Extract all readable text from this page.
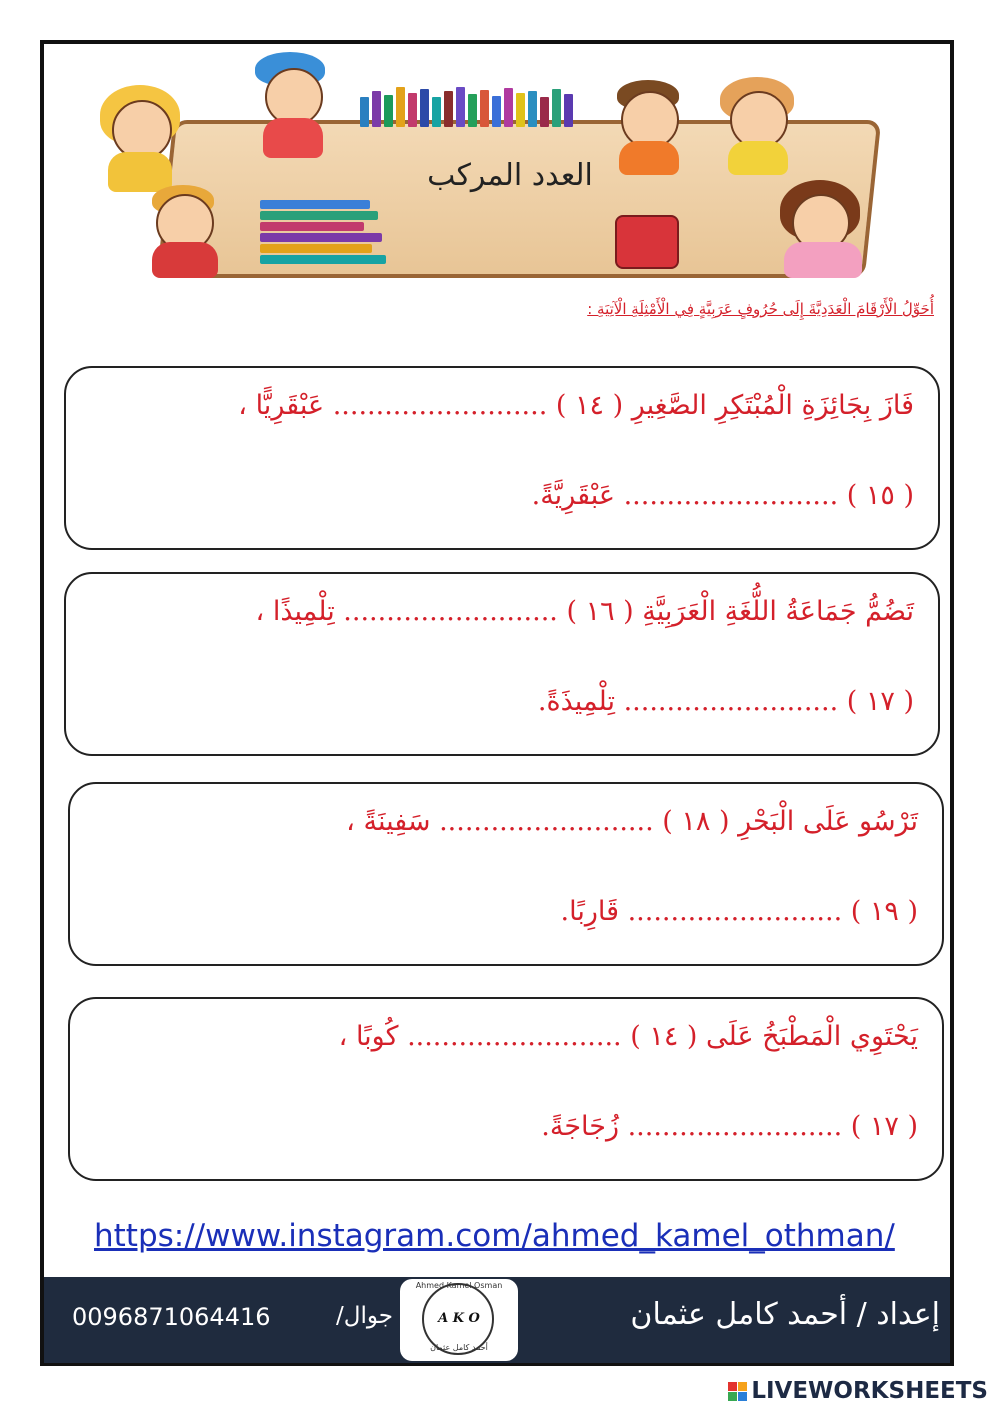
العدد المركب
أُحَوِّلُ الْأَرْقَامَ الْعَدَدِيَّةَ إِلَى حُرُوفٍ عَرَبِيَّةٍ فِي الْأَمْثِلَةِ الْآتِيَةِ :
فَازَ بِجَائِزَةِ الْمُبْتَكِرِ الصَّغِيرِ ( ١٤ ) ......................... عَبْقَرِيًّا ،
( ١٥ ) ......................... عَبْقَرِيَّةً.
تَضُمُّ جَمَاعَةُ اللُّغَةِ الْعَرَبِيَّةِ ( ١٦ ) ......................... تِلْمِيذًا ،
( ١٧ ) ......................... تِلْمِيذَةً.
تَرْسُو عَلَى الْبَحْرِ ( ١٨ ) ......................... سَفِينَةً ،
( ١٩ ) ......................... قَارِبًا.
يَحْتَوِي الْمَطْبَخُ عَلَى ( ١٤ ) ......................... كُوبًا ،
( ١٧ ) ......................... زُجَاجَةً.
https://www.instagram.com/ahmed_kamel_othman/
0096871064416	جوال/
Ahmed Kamel Osman
A K O
أحمد كامل عثمان
إعداد / أحمد كامل عثمان
LIVEWORKSHEETS
